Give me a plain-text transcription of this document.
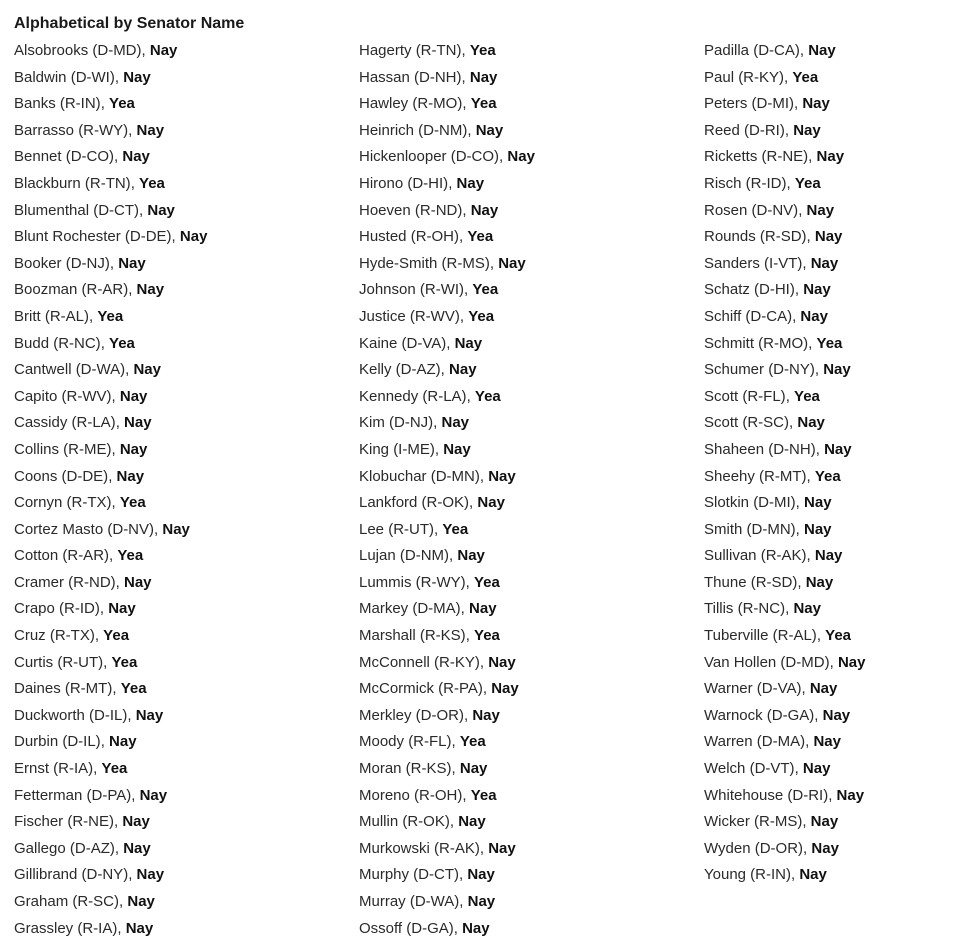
Alphabetical by Senator Name
Alsobrooks (D-MD), Nay
Baldwin (D-WI), Nay
Banks (R-IN), Yea
Barrasso (R-WY), Nay
Bennet (D-CO), Nay
Blackburn (R-TN), Yea
Blumenthal (D-CT), Nay
Blunt Rochester (D-DE), Nay
Booker (D-NJ), Nay
Boozman (R-AR), Nay
Britt (R-AL), Yea
Budd (R-NC), Yea
Cantwell (D-WA), Nay
Capito (R-WV), Nay
Cassidy (R-LA), Nay
Collins (R-ME), Nay
Coons (D-DE), Nay
Cornyn (R-TX), Yea
Cortez Masto (D-NV), Nay
Cotton (R-AR), Yea
Cramer (R-ND), Nay
Crapo (R-ID), Nay
Cruz (R-TX), Yea
Curtis (R-UT), Yea
Daines (R-MT), Yea
Duckworth (D-IL), Nay
Durbin (D-IL), Nay
Ernst (R-IA), Yea
Fetterman (D-PA), Nay
Fischer (R-NE), Nay
Gallego (D-AZ), Nay
Gillibrand (D-NY), Nay
Graham (R-SC), Nay
Grassley (R-IA), Nay
Hagerty (R-TN), Yea
Hassan (D-NH), Nay
Hawley (R-MO), Yea
Heinrich (D-NM), Nay
Hickenlooper (D-CO), Nay
Hirono (D-HI), Nay
Hoeven (R-ND), Nay
Husted (R-OH), Yea
Hyde-Smith (R-MS), Nay
Johnson (R-WI), Yea
Justice (R-WV), Yea
Kaine (D-VA), Nay
Kelly (D-AZ), Nay
Kennedy (R-LA), Yea
Kim (D-NJ), Nay
King (I-ME), Nay
Klobuchar (D-MN), Nay
Lankford (R-OK), Nay
Lee (R-UT), Yea
Lujan (D-NM), Nay
Lummis (R-WY), Yea
Markey (D-MA), Nay
Marshall (R-KS), Yea
McConnell (R-KY), Nay
McCormick (R-PA), Nay
Merkley (D-OR), Nay
Moody (R-FL), Yea
Moran (R-KS), Nay
Moreno (R-OH), Yea
Mullin (R-OK), Nay
Murkowski (R-AK), Nay
Murphy (D-CT), Nay
Murray (D-WA), Nay
Ossoff (D-GA), Nay
Padilla (D-CA), Nay
Paul (R-KY), Yea
Peters (D-MI), Nay
Reed (D-RI), Nay
Ricketts (R-NE), Nay
Risch (R-ID), Yea
Rosen (D-NV), Nay
Rounds (R-SD), Nay
Sanders (I-VT), Nay
Schatz (D-HI), Nay
Schiff (D-CA), Nay
Schmitt (R-MO), Yea
Schumer (D-NY), Nay
Scott (R-FL), Yea
Scott (R-SC), Nay
Shaheen (D-NH), Nay
Sheehy (R-MT), Yea
Slotkin (D-MI), Nay
Smith (D-MN), Nay
Sullivan (R-AK), Nay
Thune (R-SD), Nay
Tillis (R-NC), Nay
Tuberville (R-AL), Yea
Van Hollen (D-MD), Nay
Warner (D-VA), Nay
Warnock (D-GA), Nay
Warren (D-MA), Nay
Welch (D-VT), Nay
Whitehouse (D-RI), Nay
Wicker (R-MS), Nay
Wyden (D-OR), Nay
Young (R-IN), Nay
